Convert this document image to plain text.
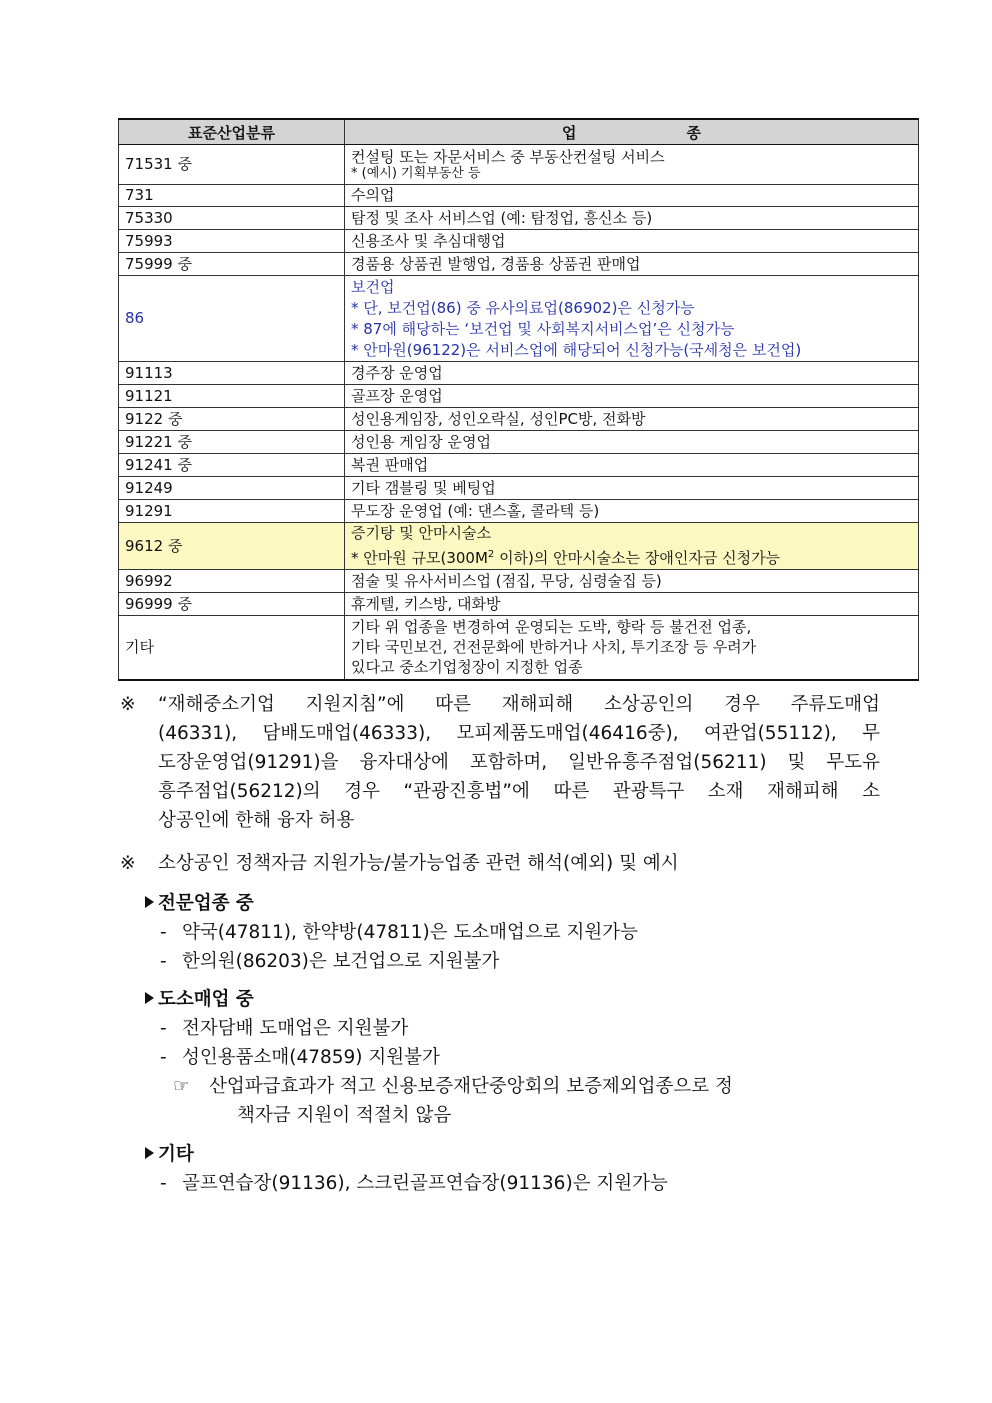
표준산업분류	업 종
71531 중	컨설팅 또는 자문서비스 중 부동산컨설팅 서비스
* (예시) 기획부동산 등

731	수의업
75330	탐정 및 조사 서비스업 (예: 탐정업, 흥신소 등)
75993	신용조사 및 추심대행업
75999 중	경품용 상품권 발행업, 경품용 상품권 판매업
86	보건업
* 단, 보건업(86) 중 유사의료업(86902)은 신청가능
* 87에 해당하는 ‘보건업 및 사회복지서비스업’은 신청가능
* 안마원(96122)은 서비스업에 해당되어 신청가능(국세청은 보건업)

91113	경주장 운영업
91121	골프장 운영업
9122 중	성인용게임장, 성인오락실, 성인PC방, 전화방
91221 중	성인용 게임장 운영업
91241 중	복권 판매업
91249	기타 갬블링 및 베팅업
91291	무도장 운영업 (예: 댄스홀, 콜라텍 등)
9612 중	증기탕 및 안마시술소
* 안마원 규모($300M^2$ 이하)의 안마시술소는 장애인자금 신청가능

96992	점술 및 유사서비스업 (점집, 무당, 심령술집 등)
96999 중	휴게텔, 키스방, 대화방
기타	기타 위 업종을 변경하여 운영되는 도박, 향락 등 불건전 업종,
기타 국민보건, 건전문화에 반하거나 사치, 투기조장 등 우려가
있다고 중소기업청장이 지정한 업종
※	“재해중소기업 지원지침”에 따른 재해피해 소상공인의 경우 주류도매업
(46331), 담배도매업(46333), 모피제품도매업(46416중), 여관업(55112), 무
도장운영업(91291)을 융자대상에 포함하며, 일반유흥주점업(56211) 및 무도유
흥주점업(56212)의 경우 “관광진흥법”에 따른 관광특구 소재 재해피해 소
상공인에 한해 융자 허용
※	소상공인 정책자금 지원가능/불가능업종 관련 해석(예외) 및 예시
전문업종 중
- 약국(47811), 한약방(47811)은 도소매업으로 지원가능
- 한의원(86203)은 보건업으로 지원불가
도소매업 중
- 전자담배 도매업은 지원불가
- 성인용품소매(47859) 지원불가
☞ 산업파급효과가 적고 신용보증재단중앙회의 보증제외업종으로 정
책자금 지원이 적절치 않음
기타
- 골프연습장(91136), 스크린골프연습장(91136)은 지원가능
